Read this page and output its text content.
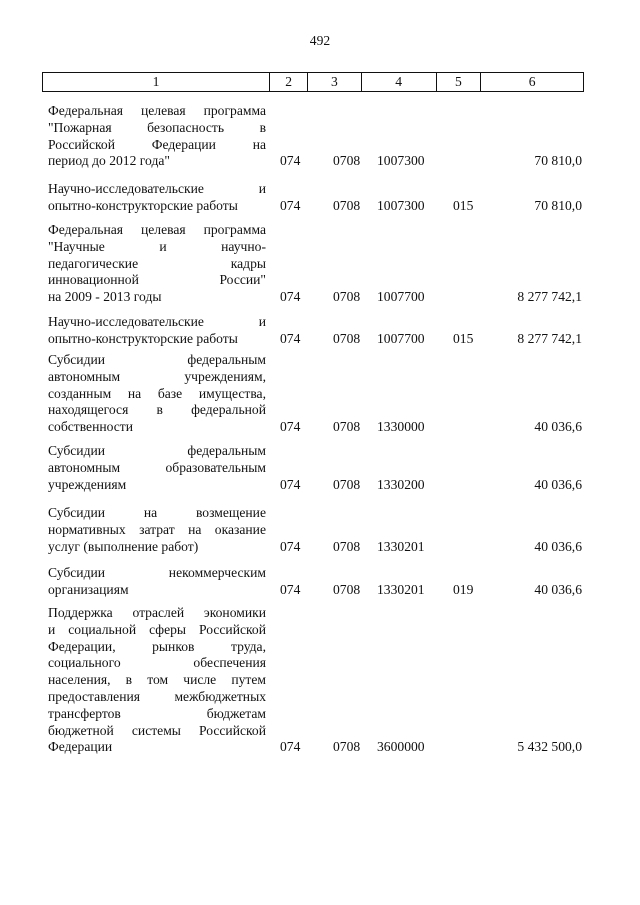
492
1	2	3	4	5	6
Федеральная целевая программа
"Пожарная безопасность в
Российской Федерации на
период до 2012 года"	074 0708 1007300	70 810,0
Научно-исследовательские и
опытно-конструкторские работы	074 0708 1007300 015	70 810,0
Федеральная целевая программа
"Научные и научно-
педагогические кадры
инновационной России"
на 2009 - 2013 годы	074 0708 1007700	8 277 742,1
Научно-исследовательские и
опытно-конструкторские работы	074 0708 1007700 015	8 277 742,1
Субсидии федеральным
автономным учреждениям,
созданным на базе имущества,
находящегося в федеральной
собственности	074 0708 1330000	40 036,6
Субсидии федеральным
автономным образовательным
учреждениям	074 0708 1330200	40 036,6
Субсидии на возмещение
нормативных затрат на оказание
услуг (выполнение работ)	074 0708 1330201	40 036,6
Субсидии некоммерческим
организациям	074 0708 1330201 019	40 036,6
Поддержка отраслей экономики
и социальной сферы Российской
Федерации, рынков труда,
социального обеспечения
населения, в том числе путем
предоставления межбюджетных
трансфертов бюджетам
бюджетной системы Российской
Федерации	074 0708 3600000	5 432 500,0
